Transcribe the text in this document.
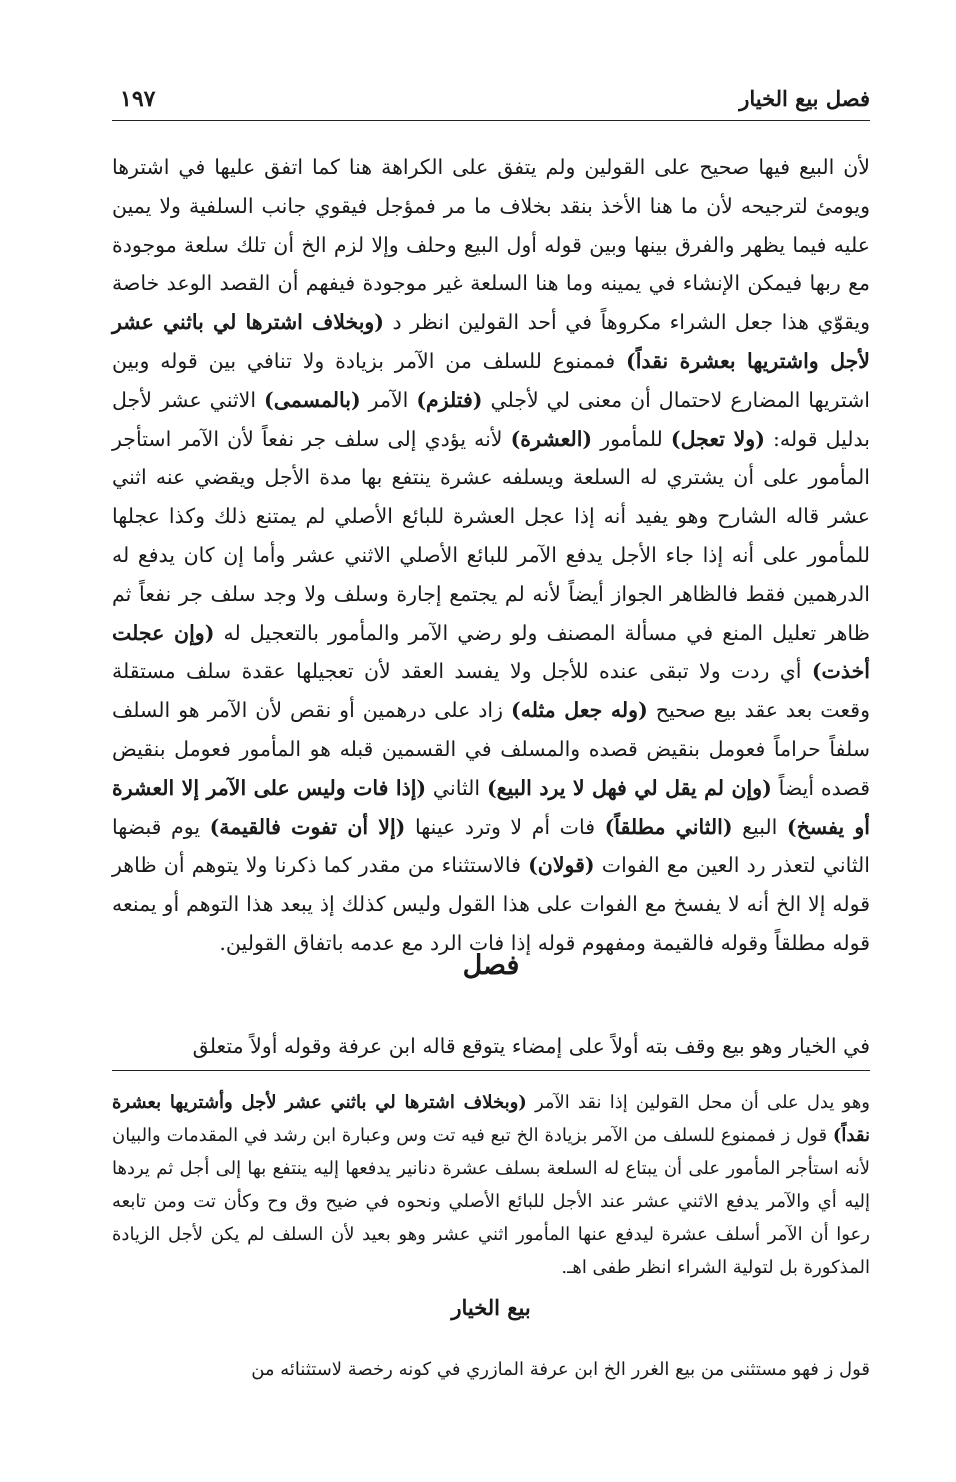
١٩٧	فصل بيع الخيار

لأن البيع فيها صحيح على القولين ولم يتفق على الكراهة هنا كما اتفق عليها في اشترها ويومئ لترجيحه لأن ما هنا الأخذ بنقد بخلاف ما مر فمؤجل فيقوي جانب السلفية ولا يمين عليه فيما يظهر والفرق بينها وبين قوله أول البيع وحلف وإلا لزم الخ أن تلك سلعة موجودة مع ربها فيمكن الإنشاء في يمينه وما هنا السلعة غير موجودة فيفهم أن القصد الوعد خاصة ويقوّي هذا جعل الشراء مكروهاً في أحد القولين انظر د (وبخلاف اشترها لي باثني عشر لأجل واشتريها بعشرة نقداً) فممنوع للسلف من الآمر بزيادة ولا تنافي بين قوله وبين اشتريها المضارع لاحتمال أن معنى لي لأجلي (فتلزم) الآمر (بالمسمى) الاثني عشر لأجل بدليل قوله: (ولا تعجل) للمأمور (العشرة) لأنه يؤدي إلى سلف جر نفعاً لأن الآمر استأجر المأمور على أن يشتري له السلعة ويسلفه عشرة ينتفع بها مدة الأجل ويقضي عنه اثني عشر قاله الشارح وهو يفيد أنه إذا عجل العشرة للبائع الأصلي لم يمتنع ذلك وكذا عجلها للمأمور على أنه إذا جاء الأجل يدفع الآمر للبائع الأصلي الاثني عشر وأما إن كان يدفع له الدرهمين فقط فالظاهر الجواز أيضاً لأنه لم يجتمع إجارة وسلف ولا وجد سلف جر نفعاً ثم ظاهر تعليل المنع في مسألة المصنف ولو رضي الآمر والمأمور بالتعجيل له (وإن عجلت أخذت) أي ردت ولا تبقى عنده للأجل ولا يفسد العقد لأن تعجيلها عقدة سلف مستقلة وقعت بعد عقد بيع صحيح (وله جعل مثله) زاد على درهمين أو نقص لأن الآمر هو السلف سلفاً حراماً فعومل بنقيض قصده والمسلف في القسمين قبله هو المأمور فعومل بنقيض قصده أيضاً (وإن لم يقل لي فهل لا يرد البيع) الثاني (إذا فات وليس على الآمر إلا العشرة أو يفسخ) البيع (الثاني مطلقاً) فات أم لا وترد عينها (إلا أن تفوت فالقيمة) يوم قبضها الثاني لتعذر رد العين مع الفوات (قولان) فالاستثناء من مقدر كما ذكرنا ولا يتوهم أن ظاهر قوله إلا الخ أنه لا يفسخ مع الفوات على هذا القول وليس كذلك إذ يبعد هذا التوهم أو يمنعه قوله مطلقاً وقوله فالقيمة ومفهوم قوله إذا فات الرد مع عدمه باتفاق القولين.

فصل

في الخيار وهو بيع وقف بته أولاً على إمضاء يتوقع قاله ابن عرفة وقوله أولاً متعلق

وهو يدل على أن محل القولين إذا نقد الآمر (وبخلاف اشترها لي باثني عشر لأجل وأشتريها بعشرة نقداً) قول ز فممنوع للسلف من الآمر بزيادة الخ تبع فيه تت وس وعبارة ابن رشد في المقدمات والبيان لأنه استأجر المأمور على أن يبتاع له السلعة بسلف عشرة دنانير يدفعها إليه ينتفع بها إلى أجل ثم يردها إليه أي والآمر يدفع الاثني عشر عند الأجل للبائع الأصلي ونحوه في ضيح وق وح وكأن تت ومن تابعه رعوا أن الآمر أسلف عشرة ليدفع عنها المأمور اثني عشر وهو بعيد لأن السلف لم يكن لأجل الزيادة المذكورة بل لتولية الشراء انظر طفى اهـ.

بيع الخيار

قول ز فهو مستثنى من بيع الغرر الخ ابن عرفة المازري في كونه رخصة لاستثنائه من
